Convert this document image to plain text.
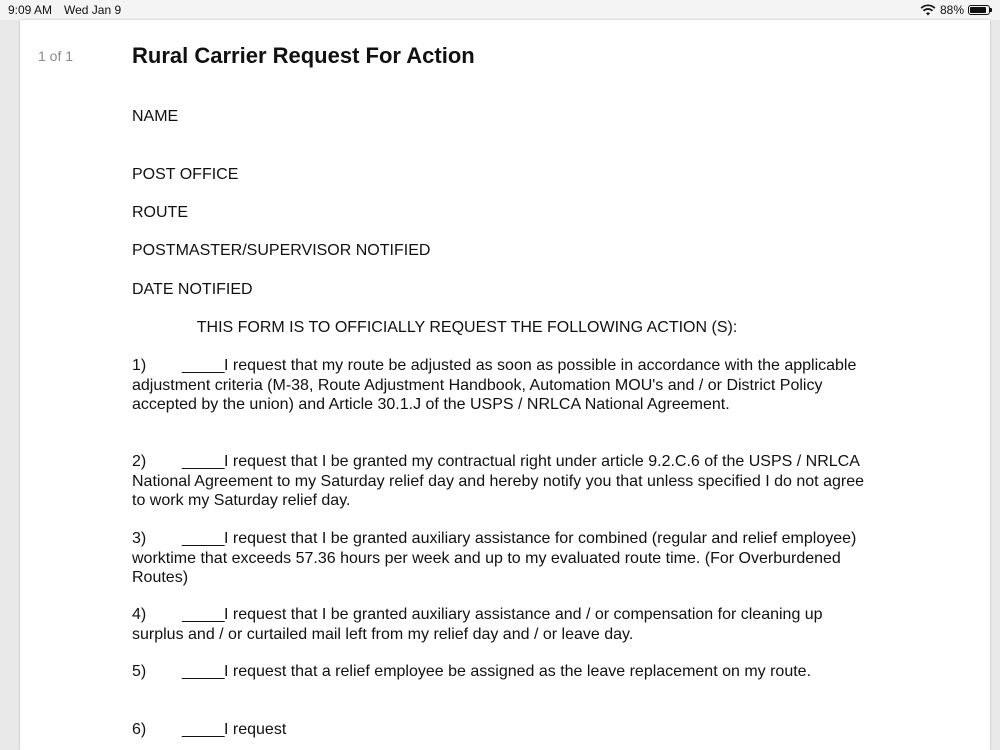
9:09 AM Wed Jan 9	88%
1 of 1	Rural Carrier Request For Action

NAME

POST OFFICE

ROUTE

POSTMASTER/SUPERVISOR NOTIFIED

DATE NOTIFIED

THIS FORM IS TO OFFICIALLY REQUEST THE FOLLOWING ACTION (S):
1) _____I request that my route be adjusted as soon as possible in accordance with the applicable adjustment criteria (M-38, Route Adjustment Handbook, Automation MOU's and / or District Policy accepted by the union) and Article 30.1.J of the USPS / NRLCA National Agreement.
2) _____I request that I be granted my contractual right under article 9.2.C.6 of the USPS / NRLCA National Agreement to my Saturday relief day and hereby notify you that unless specified I do not agree to work my Saturday relief day.
3) _____I request that I be granted auxiliary assistance for combined (regular and relief employee) worktime that exceeds 57.36 hours per week and up to my evaluated route time. (For Overburdened Routes)
4) _____I request that I be granted auxiliary assistance and / or compensation for cleaning up surplus and / or curtailed mail left from my relief day and / or leave day.
5) _____I request that a relief employee be assigned as the leave replacement on my route.
6) _____I request
